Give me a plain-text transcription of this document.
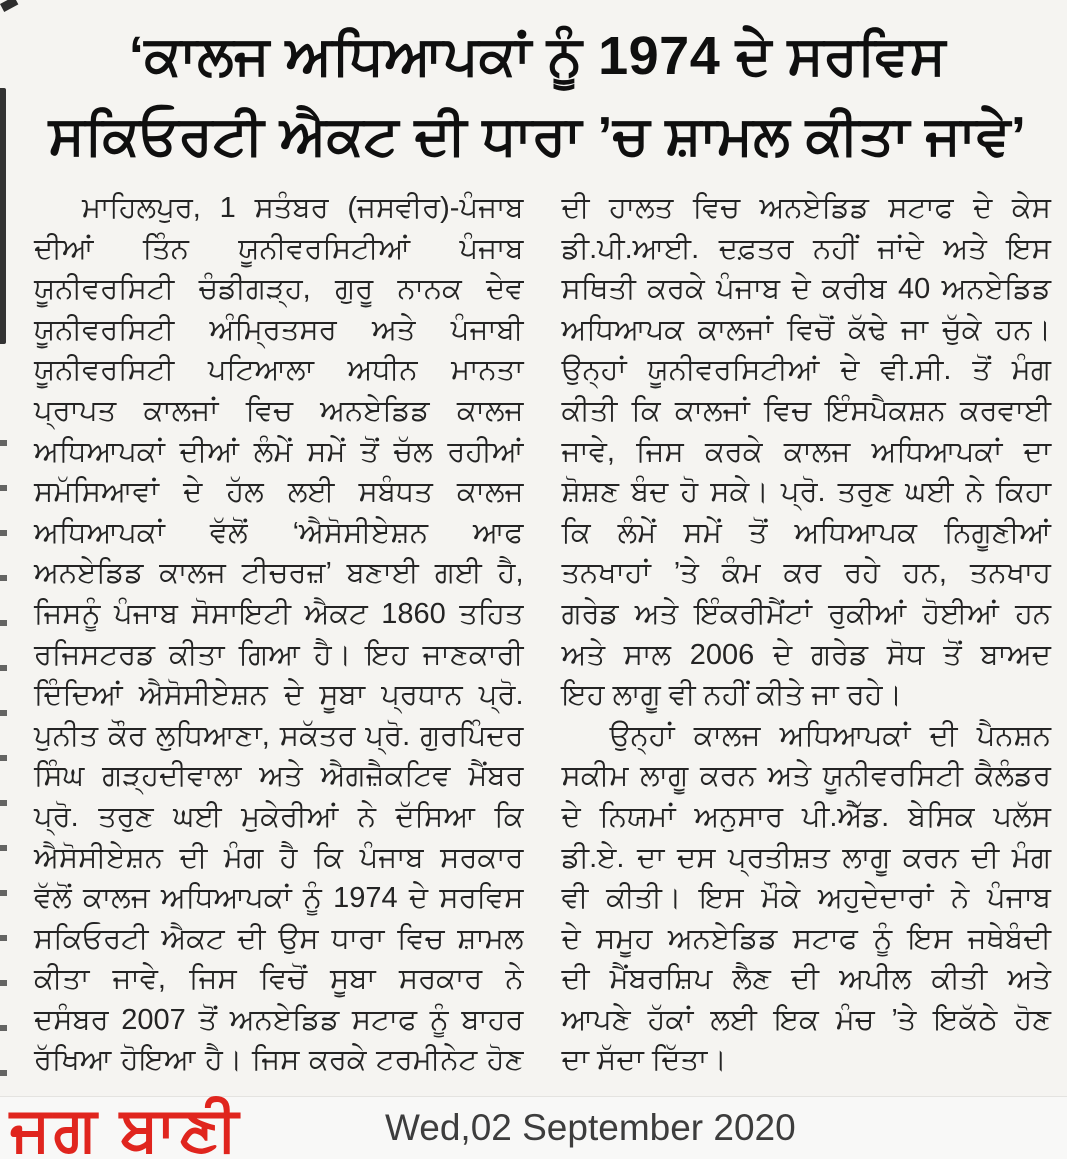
‘ਕਾਲਜ ਅਧਿਆਪਕਾਂ ਨੂੰ 1974 ਦੇ ਸਰਵਿਸ
ਸਕਿਓਰਟੀ ਐਕਟ ਦੀ ਧਾਰਾ ’ਚ ਸ਼ਾਮਲ ਕੀਤਾ ਜਾਵੇ’
ਮਾਹਿਲਪੁਰ, 1 ਸਤੰਬਰ (ਜਸਵੀਰ)-ਪੰਜਾਬ
ਦੀਆਂ ਤਿੰਨ ਯੂਨੀਵਰਸਿਟੀਆਂ ਪੰਜਾਬ
ਯੂਨੀਵਰਸਿਟੀ ਚੰਡੀਗੜ੍ਹ, ਗੁਰੂ ਨਾਨਕ ਦੇਵ
ਯੂਨੀਵਰਸਿਟੀ ਅੰਮ੍ਰਿਤਸਰ ਅਤੇ ਪੰਜਾਬੀ
ਯੂਨੀਵਰਸਿਟੀ ਪਟਿਆਲਾ ਅਧੀਨ ਮਾਨਤਾ
ਪ੍ਰਾਪਤ ਕਾਲਜਾਂ ਵਿਚ ਅਨਏਡਿਡ ਕਾਲਜ
ਅਧਿਆਪਕਾਂ ਦੀਆਂ ਲੰਮੇਂ ਸਮੇਂ ਤੋਂ ਚੱਲ ਰਹੀਆਂ
ਸਮੱਸਿਆਵਾਂ ਦੇ ਹੱਲ ਲਈ ਸਬੰਧਤ ਕਾਲਜ
ਅਧਿਆਪਕਾਂ ਵੱਲੋਂ ‘ਐਸੋਸੀਏਸ਼ਨ ਆਫ
ਅਨਏਡਿਡ ਕਾਲਜ ਟੀਚਰਜ਼’ ਬਣਾਈ ਗਈ ਹੈ,
ਜਿਸਨੂੰ ਪੰਜਾਬ ਸੋਸਾਇਟੀ ਐਕਟ 1860 ਤਹਿਤ
ਰਜਿਸਟਰਡ ਕੀਤਾ ਗਿਆ ਹੈ। ਇਹ ਜਾਣਕਾਰੀ
ਦਿੰਦਿਆਂ ਐਸੋਸੀਏਸ਼ਨ ਦੇ ਸੂਬਾ ਪ੍ਰਧਾਨ ਪ੍ਰੋ.
ਪੁਨੀਤ ਕੌਰ ਲੁਧਿਆਣਾ, ਸਕੱਤਰ ਪ੍ਰੋ. ਗੁਰਪਿੰਦਰ
ਸਿੰਘ ਗੜ੍ਹਦੀਵਾਲਾ ਅਤੇ ਐਗਜ਼ੈਕਟਿਵ ਮੈਂਬਰ
ਪ੍ਰੋ. ਤਰੁਣ ਘਈ ਮੁਕੇਰੀਆਂ ਨੇ ਦੱਸਿਆ ਕਿ
ਐਸੋਸੀਏਸ਼ਨ ਦੀ ਮੰਗ ਹੈ ਕਿ ਪੰਜਾਬ ਸਰਕਾਰ
ਵੱਲੋਂ ਕਾਲਜ ਅਧਿਆਪਕਾਂ ਨੂੰ 1974 ਦੇ ਸਰਵਿਸ
ਸਕਿਓਰਟੀ ਐਕਟ ਦੀ ਉਸ ਧਾਰਾ ਵਿਚ ਸ਼ਾਮਲ
ਕੀਤਾ ਜਾਵੇ, ਜਿਸ ਵਿਚੋਂ ਸੂਬਾ ਸਰਕਾਰ ਨੇ
ਦਸੰਬਰ 2007 ਤੋਂ ਅਨਏਡਿਡ ਸਟਾਫ ਨੂੰ ਬਾਹਰ
ਰੱਖਿਆ ਹੋਇਆ ਹੈ। ਜਿਸ ਕਰਕੇ ਟਰਮੀਨੇਟ ਹੋਣ
ਦੀ ਹਾਲਤ ਵਿਚ ਅਨਏਡਿਡ ਸਟਾਫ ਦੇ ਕੇਸ
ਡੀ.ਪੀ.ਆਈ. ਦਫ਼ਤਰ ਨਹੀਂ ਜਾਂਦੇ ਅਤੇ ਇਸ
ਸਥਿਤੀ ਕਰਕੇ ਪੰਜਾਬ ਦੇ ਕਰੀਬ 40 ਅਨਏਡਿਡ
ਅਧਿਆਪਕ ਕਾਲਜਾਂ ਵਿਚੋਂ ਕੱਢੇ ਜਾ ਚੁੱਕੇ ਹਨ।
ਉਨ੍ਹਾਂ ਯੂਨੀਵਰਸਿਟੀਆਂ ਦੇ ਵੀ.ਸੀ. ਤੋਂ ਮੰਗ
ਕੀਤੀ ਕਿ ਕਾਲਜਾਂ ਵਿਚ ਇੰਸਪੈਕਸ਼ਨ ਕਰਵਾਈ
ਜਾਵੇ, ਜਿਸ ਕਰਕੇ ਕਾਲਜ ਅਧਿਆਪਕਾਂ ਦਾ
ਸ਼ੋਸ਼ਣ ਬੰਦ ਹੋ ਸਕੇ। ਪ੍ਰੋ. ਤਰੁਣ ਘਈ ਨੇ ਕਿਹਾ
ਕਿ ਲੰਮੇਂ ਸਮੇਂ ਤੋਂ ਅਧਿਆਪਕ ਨਿਗੂਣੀਆਂ
ਤਨਖਾਹਾਂ ’ਤੇ ਕੰਮ ਕਰ ਰਹੇ ਹਨ, ਤਨਖਾਹ
ਗਰੇਡ ਅਤੇ ਇੰਕਰੀਮੈਂਟਾਂ ਰੁਕੀਆਂ ਹੋਈਆਂ ਹਨ
ਅਤੇ ਸਾਲ 2006 ਦੇ ਗਰੇਡ ਸੋਧ ਤੋਂ ਬਾਅਦ
ਇਹ ਲਾਗੂ ਵੀ ਨਹੀਂ ਕੀਤੇ ਜਾ ਰਹੇ।
ਉਨ੍ਹਾਂ ਕਾਲਜ ਅਧਿਆਪਕਾਂ ਦੀ ਪੈਨਸ਼ਨ
ਸਕੀਮ ਲਾਗੂ ਕਰਨ ਅਤੇ ਯੂਨੀਵਰਸਿਟੀ ਕੈਲੰਡਰ
ਦੇ ਨਿਯਮਾਂ ਅਨੁਸਾਰ ਪੀ.ਐੱਡ. ਬੇਸਿਕ ਪਲੱਸ
ਡੀ.ਏ. ਦਾ ਦਸ ਪ੍ਰਤੀਸ਼ਤ ਲਾਗੂ ਕਰਨ ਦੀ ਮੰਗ
ਵੀ ਕੀਤੀ। ਇਸ ਮੌਕੇ ਅਹੁਦੇਦਾਰਾਂ ਨੇ ਪੰਜਾਬ
ਦੇ ਸਮੂਹ ਅਨਏਡਿਡ ਸਟਾਫ ਨੂੰ ਇਸ ਜਥੇਬੰਦੀ
ਦੀ ਮੈਂਬਰਸ਼ਿਪ ਲੈਣ ਦੀ ਅਪੀਲ ਕੀਤੀ ਅਤੇ
ਆਪਣੇ ਹੱਕਾਂ ਲਈ ਇਕ ਮੰਚ ’ਤੇ ਇਕੱਠੇ ਹੋਣ
ਦਾ ਸੱਦਾ ਦਿੱਤਾ।
ਜਗ ਬਾਣੀ	Wed,02 September 2020
